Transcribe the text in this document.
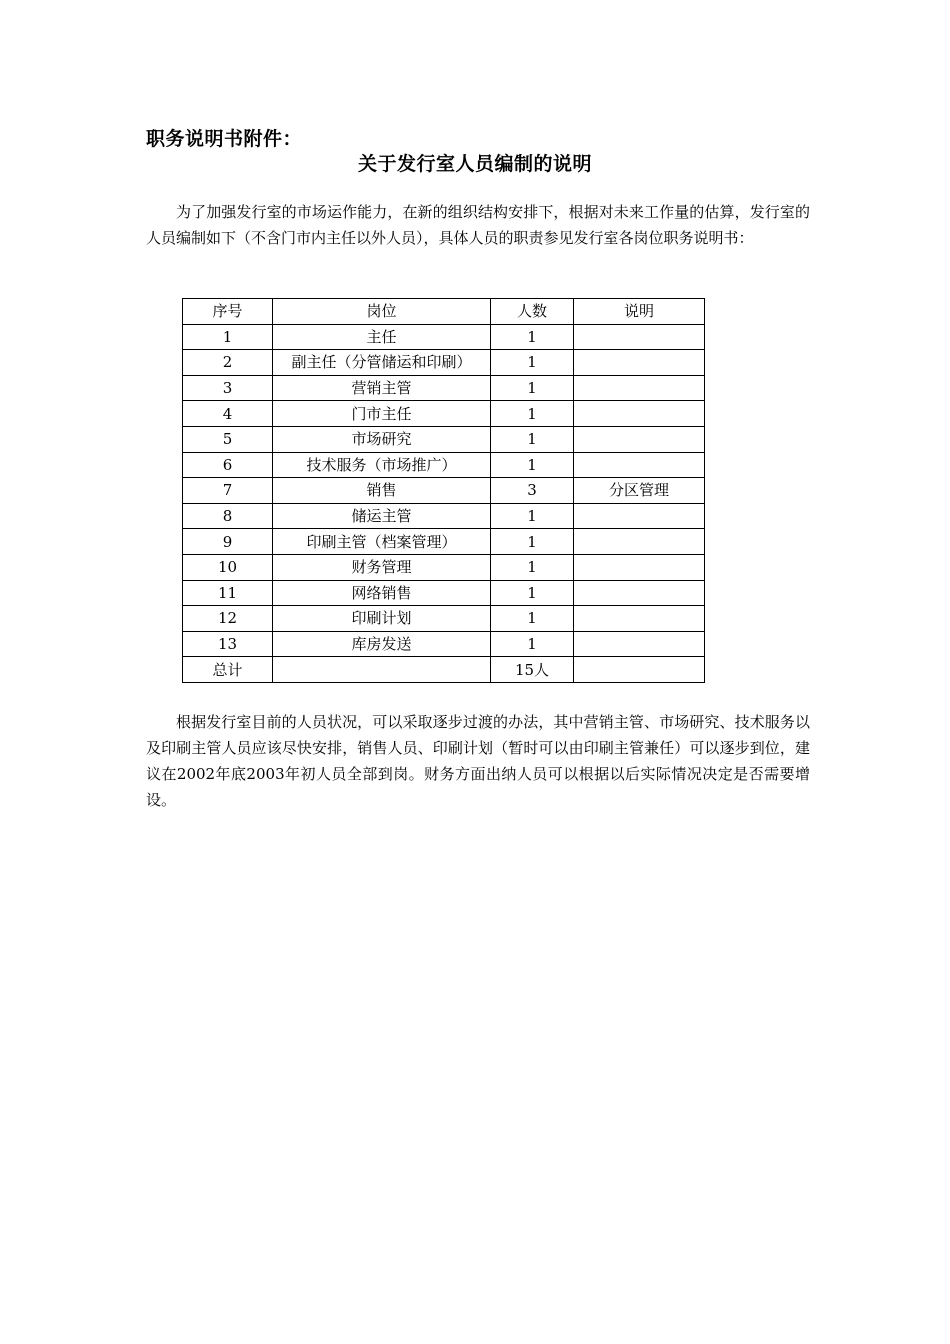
职务说明书附件：
关于发行室人员编制的说明
为了加强发行室的市场运作能力，在新的组织结构安排下，根据对未来工作量的估算，发行室的人员编制如下（不含门市内主任以外人员），具体人员的职责参见发行室各岗位职务说明书：
序号	岗位	人数	说明
1	主任	1	
2	副主任（分管储运和印刷）	1	
3	营销主管	1	
4	门市主任	1	
5	市场研究	1	
6	技术服务（市场推广）	1	
7	销售	3	分区管理
8	储运主管	1	
9	印刷主管（档案管理）	1	
10	财务管理	1	
11	网络销售	1	
12	印刷计划	1	
13	库房发送	1	
总计		15人	
根据发行室目前的人员状况，可以采取逐步过渡的办法，其中营销主管、市场研究、技术服务以及印刷主管人员应该尽快安排，销售人员、印刷计划（暂时可以由印刷主管兼任）可以逐步到位，建议在2002年底2003年初人员全部到岗。财务方面出纳人员可以根据以后实际情况决定是否需要增设。
